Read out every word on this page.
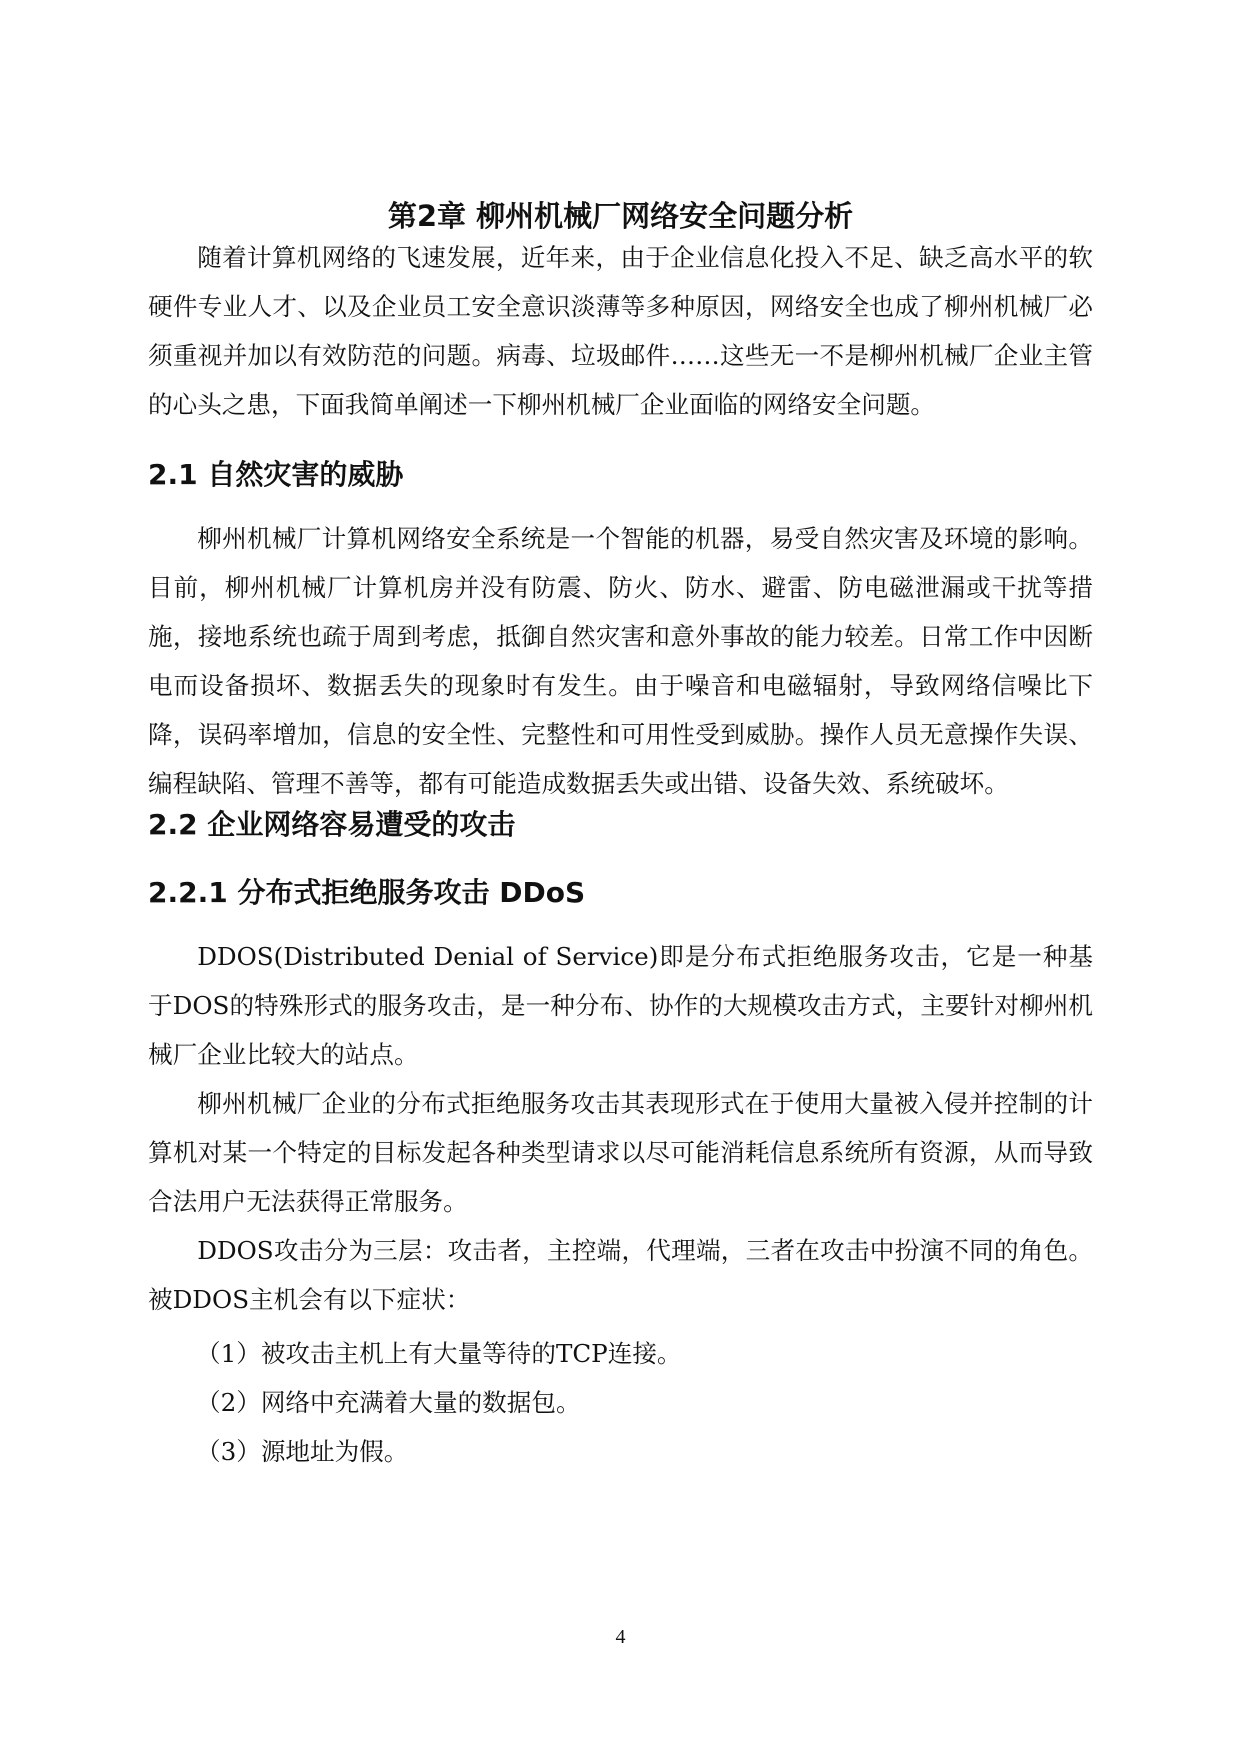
第2章 柳州机械厂网络安全问题分析

随着计算机网络的飞速发展，近年来，由于企业信息化投入不足、缺乏高水平的软硬件专业人才、以及企业员工安全意识淡薄等多种原因，网络安全也成了柳州机械厂必须重视并加以有效防范的问题。病毒、垃圾邮件……这些无一不是柳州机械厂企业主管的心头之患，下面我简单阐述一下柳州机械厂企业面临的网络安全问题。

2.1 自然灾害的威胁

柳州机械厂计算机网络安全系统是一个智能的机器，易受自然灾害及环境的影响。目前，柳州机械厂计算机房并没有防震、防火、防水、避雷、防电磁泄漏或干扰等措施，接地系统也疏于周到考虑，抵御自然灾害和意外事故的能力较差。日常工作中因断电而设备损坏、数据丢失的现象时有发生。由于噪音和电磁辐射，导致网络信噪比下降，误码率增加，信息的安全性、完整性和可用性受到威胁。操作人员无意操作失误、编程缺陷、管理不善等，都有可能造成数据丢失或出错、设备失效、系统破坏。

2.2 企业网络容易遭受的攻击
2.2.1 分布式拒绝服务攻击 DDoS

DDOS(Distributed Denial of Service)即是分布式拒绝服务攻击，它是一种基于DOS的特殊形式的服务攻击，是一种分布、协作的大规模攻击方式，主要针对柳州机械厂企业比较大的站点。

柳州机械厂企业的分布式拒绝服务攻击其表现形式在于使用大量被入侵并控制的计算机对某一个特定的目标发起各种类型请求以尽可能消耗信息系统所有资源，从而导致合法用户无法获得正常服务。

DDOS攻击分为三层：攻击者，主控端，代理端，三者在攻击中扮演不同的角色。被DDOS主机会有以下症状：

（1）被攻击主机上有大量等待的TCP连接。
（2）网络中充满着大量的数据包。
（3）源地址为假。
4
